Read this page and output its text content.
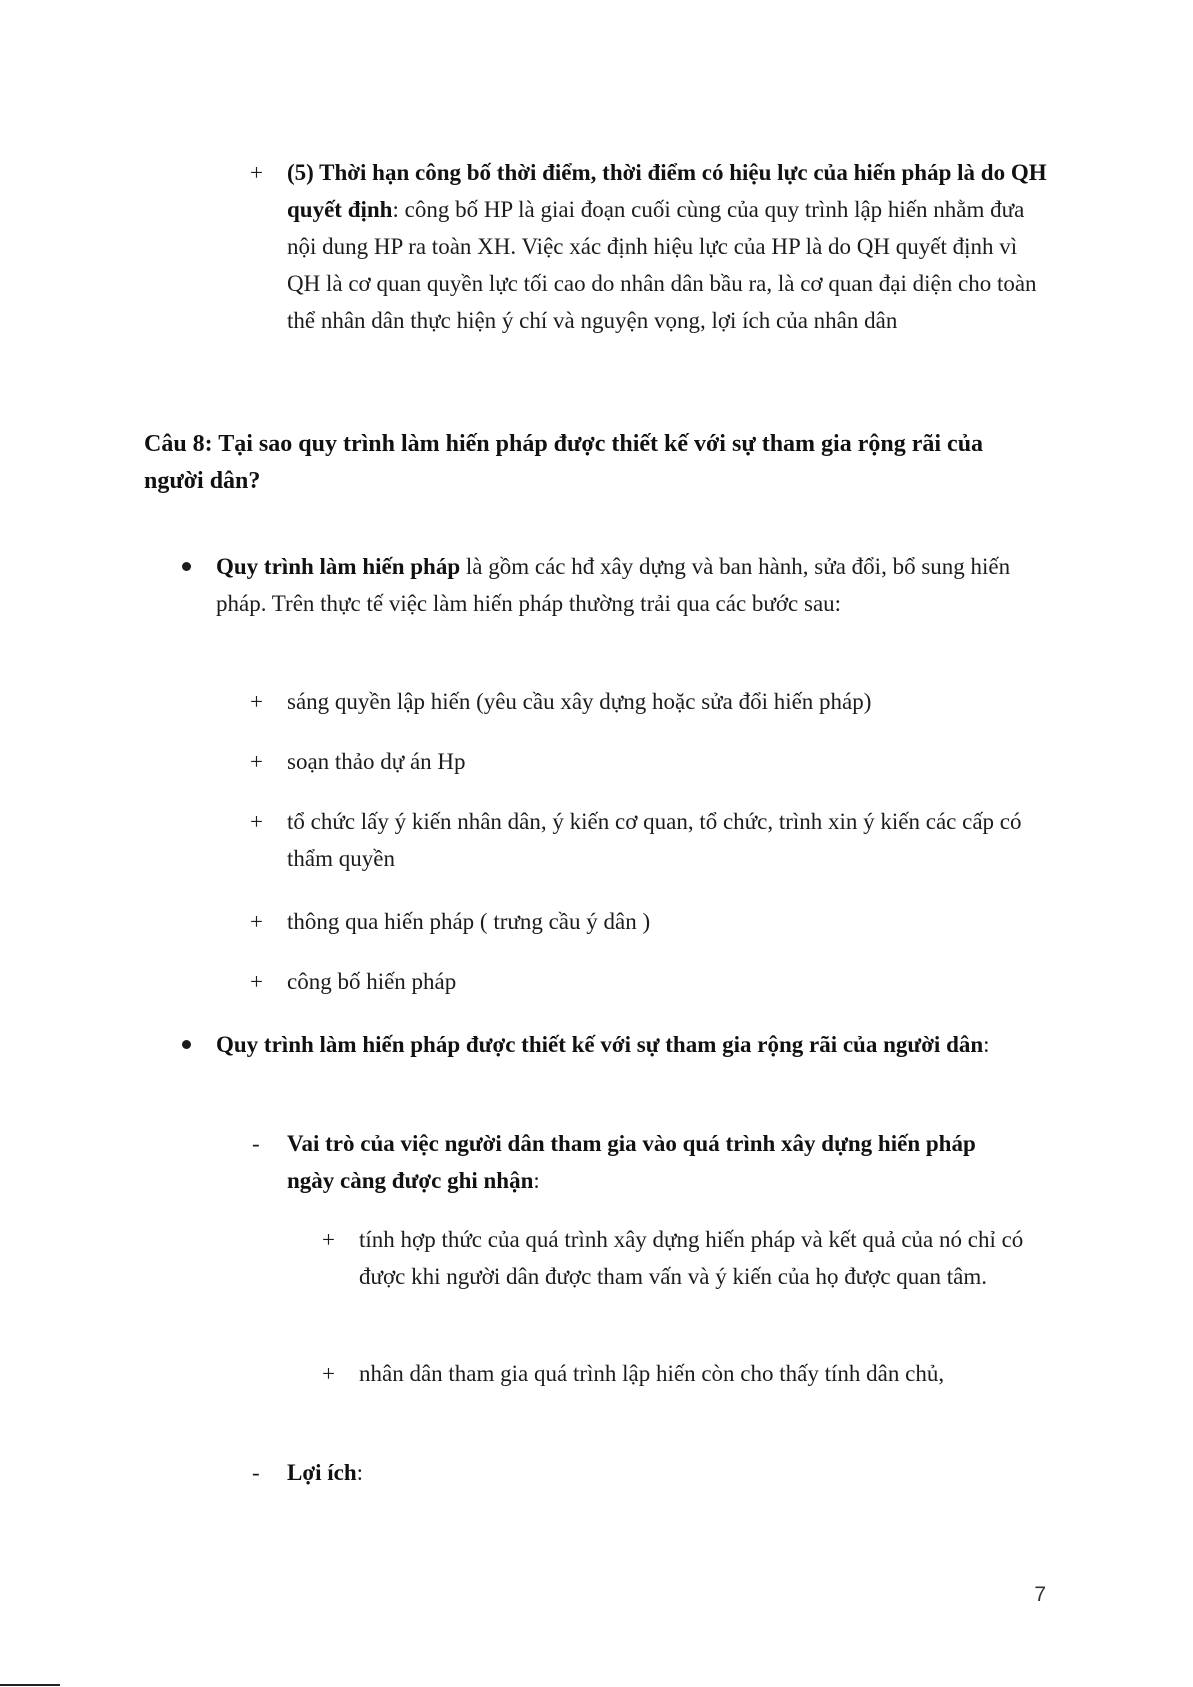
+ (5) Thời hạn công bố thời điểm, thời điểm có hiệu lực của hiến pháp là do QH quyết định: công bố HP là giai đoạn cuối cùng của quy trình lập hiến nhằm đưa nội dung HP ra toàn XH. Việc xác định hiệu lực của HP là do QH quyết định vì QH là cơ quan quyền lực tối cao do nhân dân bầu ra, là cơ quan đại diện cho toàn thể nhân dân thực hiện ý chí và nguyện vọng, lợi ích của nhân dân
Câu 8: Tại sao quy trình làm hiến pháp được thiết kế với sự tham gia rộng rãi của người dân?
Quy trình làm hiến pháp là gồm các hđ xây dựng và ban hành, sửa đổi, bổ sung hiến pháp. Trên thực tế việc làm hiến pháp thường trải qua các bước sau:
+ sáng quyền lập hiến (yêu cầu xây dựng hoặc sửa đổi hiến pháp)
+ soạn thảo dự án Hp
+ tổ chức lấy ý kiến nhân dân, ý kiến cơ quan, tổ chức, trình xin ý kiến các cấp có thẩm quyền
+ thông qua hiến pháp ( trưng cầu ý dân )
+ công bố hiến pháp
Quy trình làm hiến pháp được thiết kế với sự tham gia rộng rãi của người dân:
- Vai trò của việc người dân tham gia vào quá trình xây dựng hiến pháp ngày càng được ghi nhận:
+ tính hợp thức của quá trình xây dựng hiến pháp và kết quả của nó chỉ có được khi người dân được tham vấn và ý kiến của họ được quan tâm.
+ nhân dân tham gia quá trình lập hiến còn cho thấy tính dân chủ,
- Lợi ích:
7
